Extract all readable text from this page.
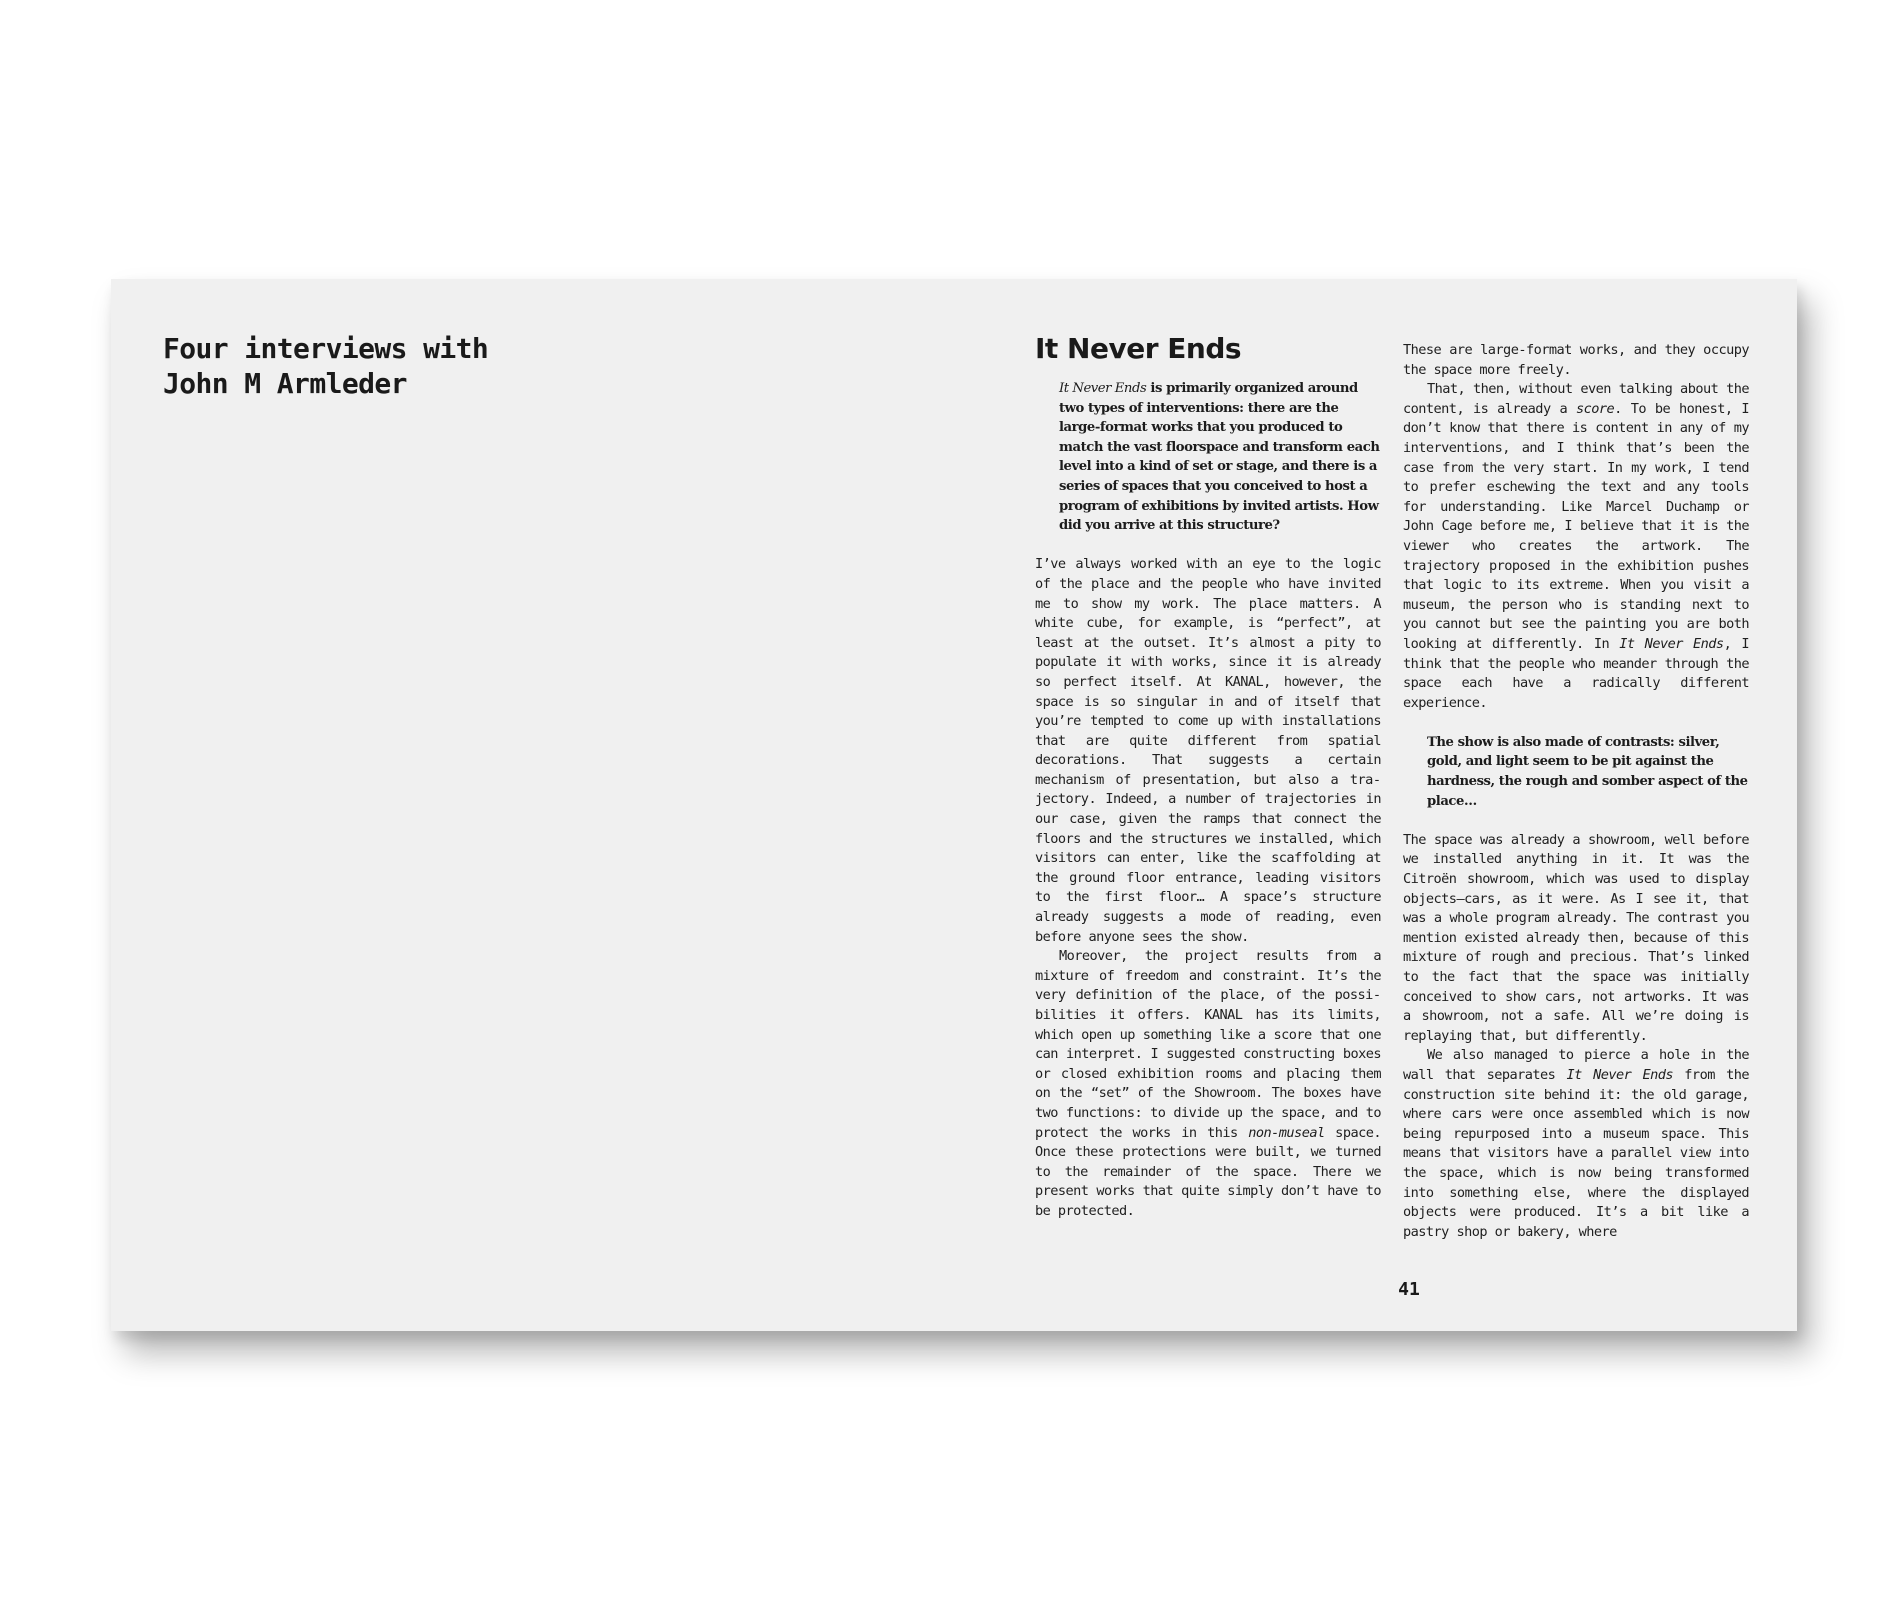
Four interviews with
John M Armleder
It Never Ends

It Never Ends is primarily organized around two types of interventions: there are the large-format works that you produced to match the vast floorspace and transform each level into a kind of set or stage, and there is a series of spaces that you conceived to host a program of exhibitions by invited artists. How did you arrive at this structure?

I’ve always worked with an eye to the logic of the place and the people who have invited me to show my work. The place matters. A white cube, for example, is “perfect”, at least at the outset. It’s almost a pity to populate it with works, since it is already so perfect itself. At KANAL, however, the space is so singular in and of itself that you’re tempted to come up with installations that are quite different from spatial decorations. That suggests a certain mechanism of presentation, but also a trajectory. Indeed, a number of trajectories in our case, given the ramps that connect the floors and the structures we installed, which visitors can enter, like the scaffolding at the ground floor entrance, leading visitors to the first floor… A space’s structure already suggests a mode of reading, even before anyone sees the show.

Moreover, the project results from a mixture of freedom and constraint. It’s the very definition of the place, of the possibilities it offers. KANAL has its limits, which open up something like a score that one can interpret. I suggested constructing boxes or closed exhibition rooms and placing them on the “set” of the Showroom. The boxes have two functions: to divide up the space, and to protect the works in this non-museal space. Once these protections were built, we turned to the remainder of the space. There we present works that quite simply don’t have to be protected.

These are large-format works, and they occupy the space more freely.

That, then, without even talking about the content, is already a score. To be honest, I don’t know that there is content in any of my interventions, and I think that’s been the case from the very start. In my work, I tend to prefer eschewing the text and any tools for understanding. Like Marcel Duchamp or John Cage before me, I believe that it is the viewer who creates the artwork. The trajectory proposed in the exhibition pushes that logic to its extreme. When you visit a museum, the person who is standing next to you cannot but see the painting you are both looking at differently. In It Never Ends, I think that the people who meander through the space each have a radically different experience.

The show is also made of contrasts: silver, gold, and light seem to be pit against the hardness, the rough and somber aspect of the place…

The space was already a showroom, well before we installed anything in it. It was the Citroën showroom, which was used to display objects—cars, as it were. As I see it, that was a whole program already. The contrast you mention existed already then, because of this mixture of rough and precious. That’s linked to the fact that the space was initially conceived to show cars, not artworks. It was a showroom, not a safe. All we’re doing is replaying that, but differently.

We also managed to pierce a hole in the wall that separates It Never Ends from the construction site behind it: the old garage, where cars were once assembled which is now being repurposed into a museum space. This means that visitors have a parallel view into the space, which is now being transformed into something else, where the displayed objects were produced. It’s a bit like a pastry shop or bakery, where

41
